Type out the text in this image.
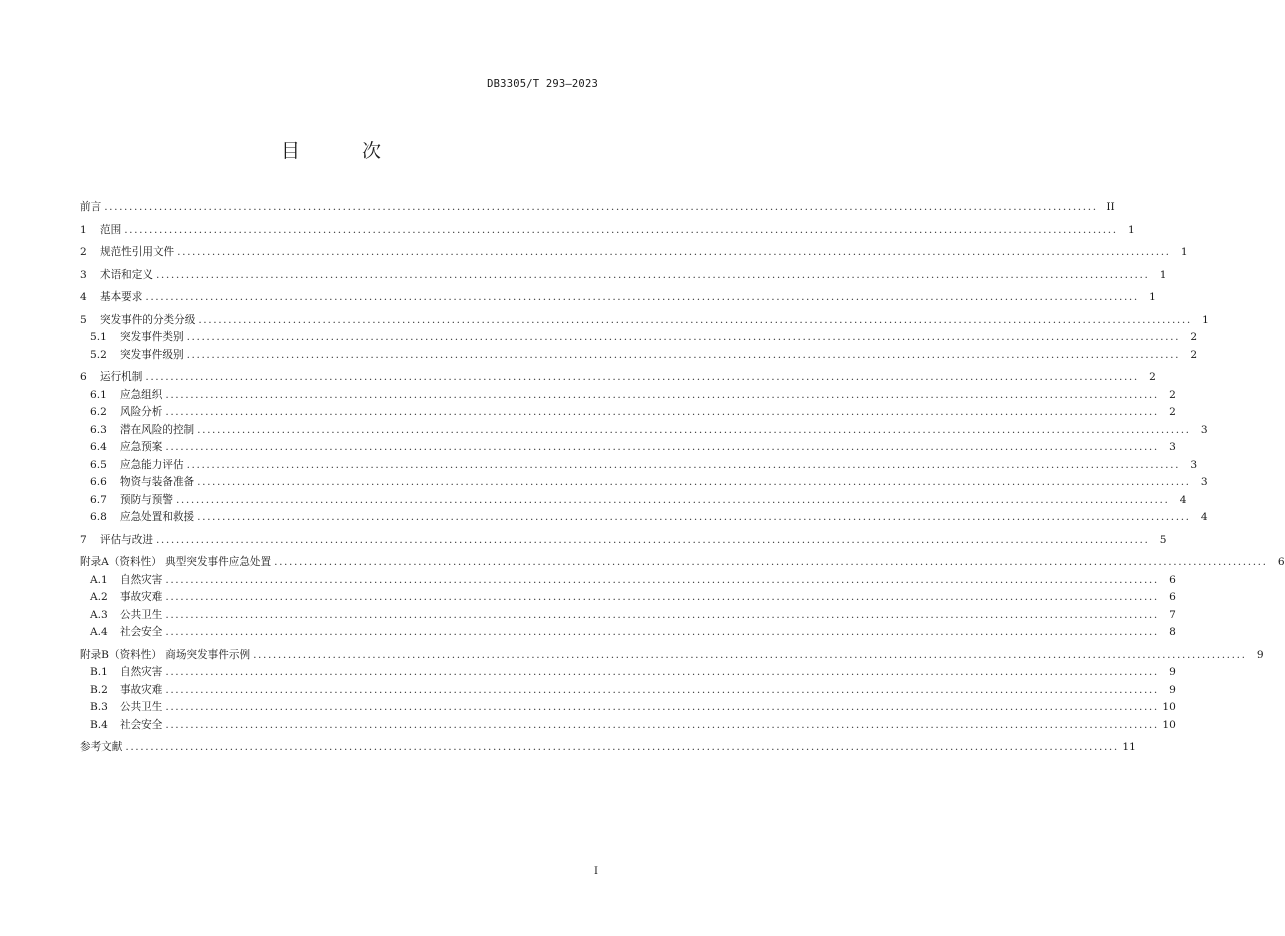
DB3305/T 293—2023
目 次
前言 ........................................................................................................................................................................................................ II
1	范围 ........................................................................................................................................................................................................ 1
2	规范性引用文件 ........................................................................................................................................................................................................ 1
3	术语和定义 ........................................................................................................................................................................................................ 1
4	基本要求 ........................................................................................................................................................................................................ 1
5	突发事件的分类分级 ........................................................................................................................................................................................................ 1
5.1	突发事件类别 ........................................................................................................................................................................................................ 2
5.2	突发事件级别 ........................................................................................................................................................................................................ 2
6	运行机制 ........................................................................................................................................................................................................ 2
6.1	应急组织 ........................................................................................................................................................................................................ 2
6.2	风险分析 ........................................................................................................................................................................................................ 2
6.3	潜在风险的控制 ........................................................................................................................................................................................................ 3
6.4	应急预案 ........................................................................................................................................................................................................ 3
6.5	应急能力评估 ........................................................................................................................................................................................................ 3
6.6	物资与装备准备 ........................................................................................................................................................................................................ 3
6.7	预防与预警 ........................................................................................................................................................................................................ 4
6.8	应急处置和救援 ........................................................................................................................................................................................................ 4
7	评估与改进 ........................................................................................................................................................................................................ 5
附录A（资料性） 典型突发事件应急处置 ........................................................................................................................................................................................................ 6
A.1	自然灾害 ........................................................................................................................................................................................................ 6
A.2	事故灾难 ........................................................................................................................................................................................................ 6
A.3	公共卫生 ........................................................................................................................................................................................................ 7
A.4	社会安全 ........................................................................................................................................................................................................ 8
附录B（资料性） 商场突发事件示例 ........................................................................................................................................................................................................ 9
B.1	自然灾害 ........................................................................................................................................................................................................ 9
B.2	事故灾难 ........................................................................................................................................................................................................ 9
B.3	公共卫生 ........................................................................................................................................................................................................ 10
B.4	社会安全 ........................................................................................................................................................................................................ 10
参考文献 ........................................................................................................................................................................................................ 11
I
